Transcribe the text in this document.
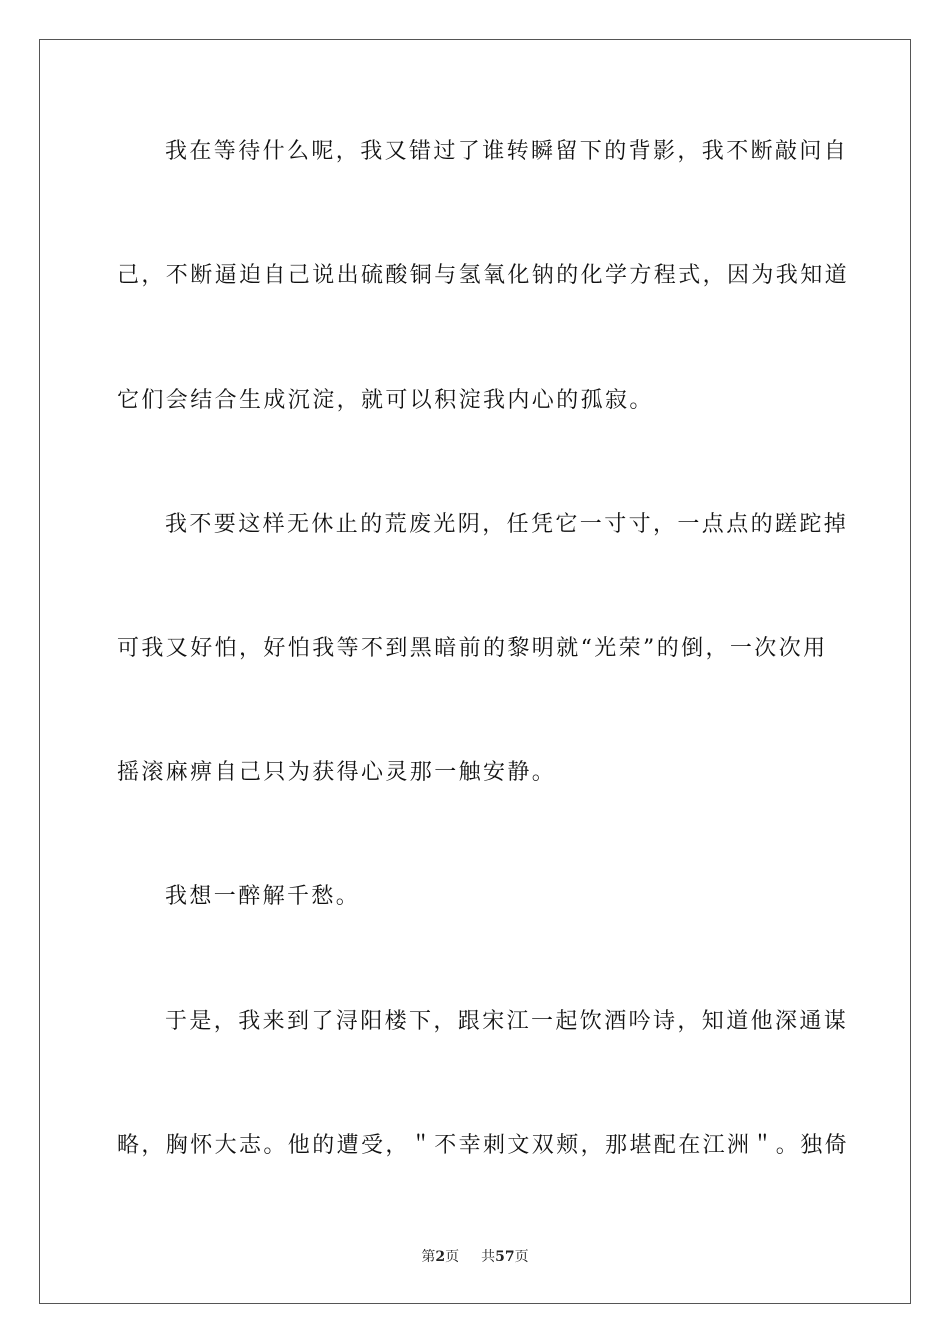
我在等待什么呢，我又错过了谁转瞬留下的背影，我不断敲问自
己，不断逼迫自己说出硫酸铜与氢氧化钠的化学方程式，因为我知道
它们会结合生成沉淀，就可以积淀我内心的孤寂。
我不要这样无休止的荒废光阴，任凭它一寸寸，一点点的蹉跎掉
可我又好怕，好怕我等不到黑暗前的黎明就“光荣”的倒，一次次用
摇滚麻痹自己只为获得心灵那一触安静。
我想一醉解千愁。
于是，我来到了浔阳楼下，跟宋江一起饮酒吟诗，知道他深通谋
略，胸怀大志。他的遭受，＂不幸刺文双颊，那堪配在江洲＂。独倚
第2页 共57页
